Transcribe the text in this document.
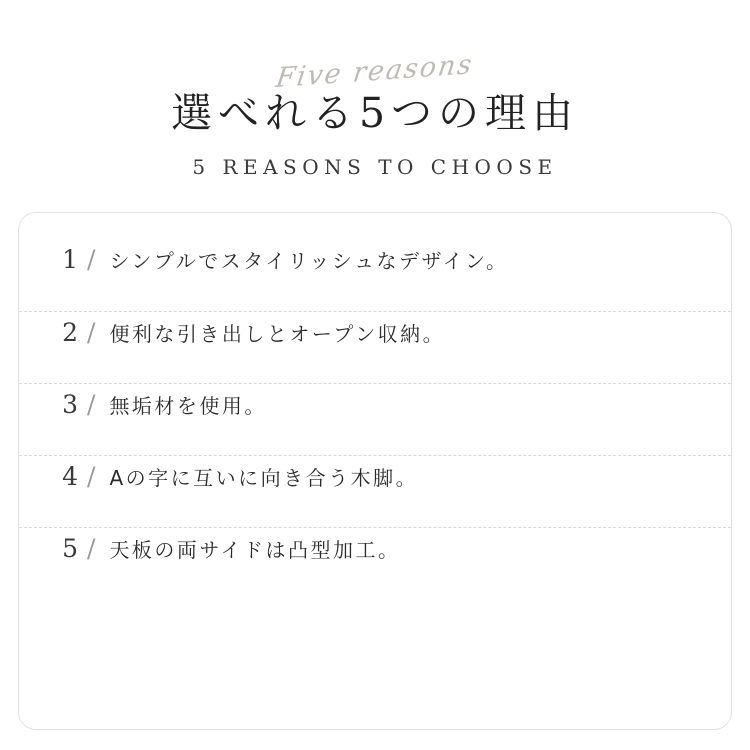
Five reasons
選べれる5つの理由
5 REASONS TO CHOOSE
1 / シンプルでスタイリッシュなデザイン。
2 / 便利な引き出しとオープン収納。
3 / 無垢材を使用。
4 / Aの字に互いに向き合う木脚。
5 / 天板の両サイドは凸型加工。
